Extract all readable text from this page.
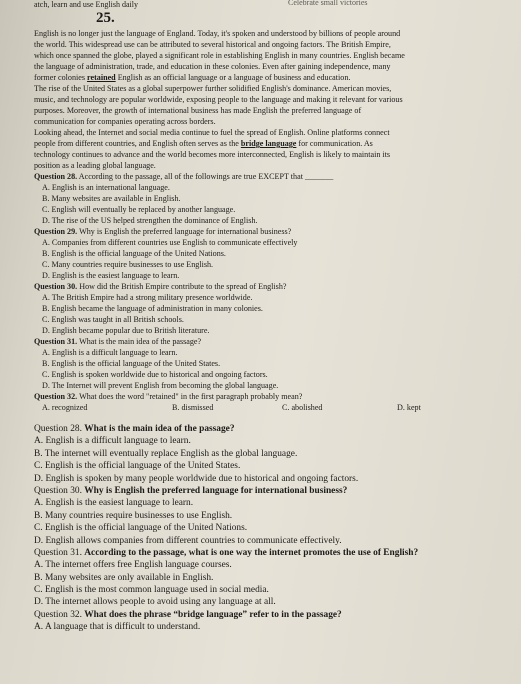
atch, learn and use English daily	Celebrate small victories
25.
English is no longer just the language of England. Today, it's spoken and understood by billions of people around
the world. This widespread use can be attributed to several historical and ongoing factors. The British Empire,
which once spanned the globe, played a significant role in establishing English in many countries. English became
the language of administration, trade, and education in these colonies. Even after gaining independence, many
former colonies retained English as an official language or a language of business and education.
The rise of the United States as a global superpower further solidified English's dominance. American movies,
music, and technology are popular worldwide, exposing people to the language and making it relevant for various
purposes. Moreover, the growth of international business has made English the preferred language of
communication for companies operating across borders.
Looking ahead, the Internet and social media continue to fuel the spread of English. Online platforms connect
people from different countries, and English often serves as the bridge language for communication. As
technology continues to advance and the world becomes more interconnected, English is likely to maintain its
position as a leading global language.
Question 28. According to the passage, all of the followings are true EXCEPT that _______
A. English is an international language.
B. Many websites are available in English.
C. English will eventually be replaced by another language.
D. The rise of the US helped strengthen the dominance of English.
Question 29. Why is English the preferred language for international business?
A. Companies from different countries use English to communicate effectively
B. English is the official language of the United Nations.
C. Many countries require businesses to use English.
D. English is the easiest language to learn.
Question 30. How did the British Empire contribute to the spread of English?
A. The British Empire had a strong military presence worldwide.
B. English became the language of administration in many colonies.
C. English was taught in all British schools.
D. English became popular due to British literature.
Question 31. What is the main idea of the passage?
A. English is a difficult language to learn.
B. English is the official language of the United States.
C. English is spoken worldwide due to historical and ongoing factors.
D. The Internet will prevent English from becoming the global language.
Question 32. What does the word "retained" in the first paragraph probably mean?
A. recognized	B. dismissed	C. abolished	D. kept
Question 28. What is the main idea of the passage?
A. English is a difficult language to learn.
B. The internet will eventually replace English as the global language.
C. English is the official language of the United States.
D. English is spoken by many people worldwide due to historical and ongoing factors.
Question 30. Why is English the preferred language for international business?
A. English is the easiest language to learn.
B. Many countries require businesses to use English.
C. English is the official language of the United Nations.
D. English allows companies from different countries to communicate effectively.
Question 31. According to the passage, what is one way the internet promotes the use of English?
A. The internet offers free English language courses.
B. Many websites are only available in English.
C. English is the most common language used in social media.
D. The internet allows people to avoid using any language at all.
Question 32. What does the phrase “bridge language” refer to in the passage?
A. A language that is difficult to understand.
